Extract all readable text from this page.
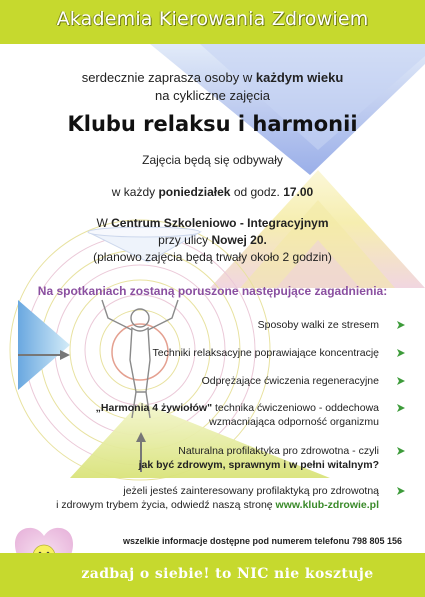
Akademia Kierowania Zdrowiem
serdecznie zaprasza osoby w każdym wieku
na cykliczne zajęcia
Klubu relaksu i harmonii
Zajęcia będą się odbywały
w każdy poniedziałek od godz. 17.00
W Centrum Szkoleniowo - Integracyjnym
przy ulicy Nowej 20.
(planowo zajęcia będą trwały około 2 godzin)
Na spotkaniach zostaną poruszone następujące zagadnienia:
Sposoby walki ze stresem
Techniki relaksacyjne poprawiające koncentrację
Odprężające ćwiczenia regeneracyjne
„Harmonia 4 żywiołów" technika ćwiczeniowo - oddechowa
wzmacniająca odporność organizmu
Naturalna profilaktyka pro zdrowotna - czyli
jak być zdrowym, sprawnym i w pełni witalnym?
jeżeli jesteś zainteresowany profilaktyką pro zdrowotną
i zdrowym trybem życia, odwiedź naszą stronę www.klub-zdrowie.pl
wszelkie informacje dostępne pod numerem telefonu 798 805 156
zadbaj o siebie! to NIC nie kosztuje
